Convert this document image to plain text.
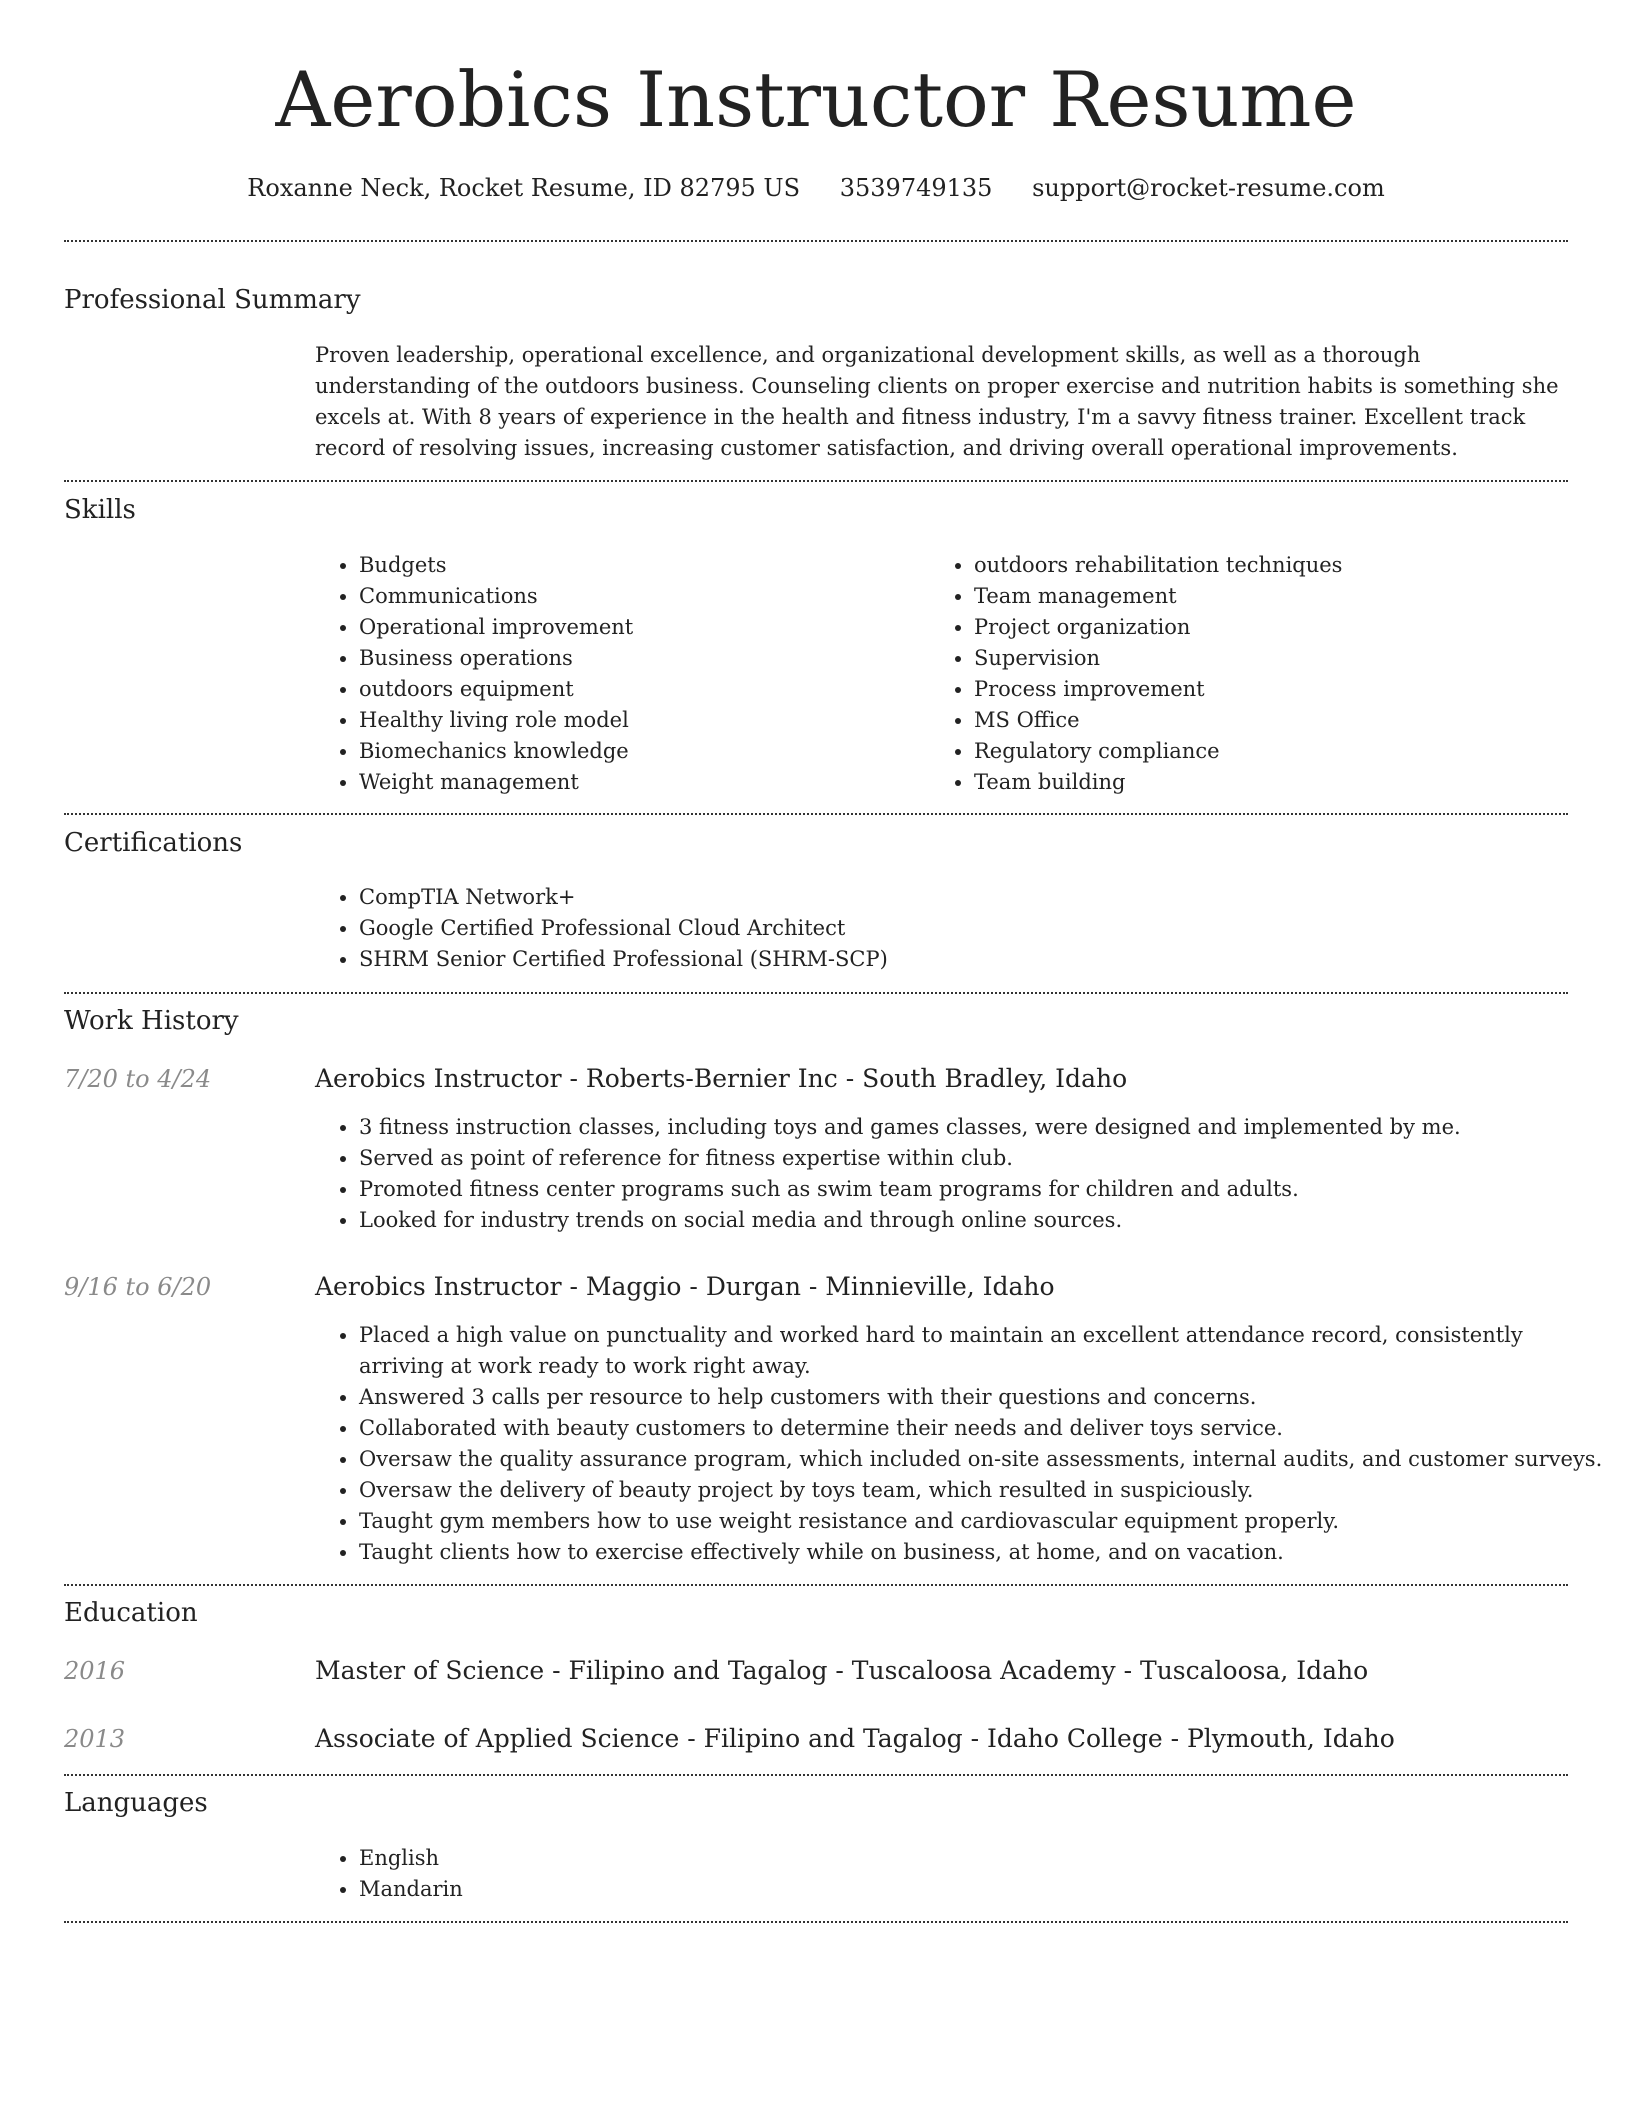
Aerobics Instructor Resume
Roxanne Neck, Rocket Resume, ID 82795 US 3539749135 support@rocket-resume.com
Professional Summary

Proven leadership, operational excellence, and organizational development skills, as well as a thorough understanding of the outdoors business. Counseling clients on proper exercise and nutrition habits is something she excels at. With 8 years of experience in the health and fitness industry, I'm a savvy fitness trainer. Excellent track record of resolving issues, increasing customer satisfaction, and driving overall operational improvements.

Skills
• Budgets
• Communications
• Operational improvement
• Business operations
• outdoors equipment
• Healthy living role model
• Biomechanics knowledge
• Weight management
• outdoors rehabilitation techniques
• Team management
• Project organization
• Supervision
• Process improvement
• MS Office
• Regulatory compliance
• Team building
Certifications
• CompTIA Network+
• Google Certified Professional Cloud Architect
• SHRM Senior Certified Professional (SHRM-SCP)
Work History
7/20 to 4/24	Aerobics Instructor - Roberts-Bernier Inc - South Bradley, Idaho
• 3 fitness instruction classes, including toys and games classes, were designed and implemented by me.
• Served as point of reference for fitness expertise within club.
• Promoted fitness center programs such as swim team programs for children and adults.
• Looked for industry trends on social media and through online sources.
9/16 to 6/20	Aerobics Instructor - Maggio - Durgan - Minnieville, Idaho
• Placed a high value on punctuality and worked hard to maintain an excellent attendance record, consistently arriving at work ready to work right away.
• Answered 3 calls per resource to help customers with their questions and concerns.
• Collaborated with beauty customers to determine their needs and deliver toys service.
• Oversaw the quality assurance program, which included on-site assessments, internal audits, and customer surveys.
• Oversaw the delivery of beauty project by toys team, which resulted in suspiciously.
• Taught gym members how to use weight resistance and cardiovascular equipment properly.
• Taught clients how to exercise effectively while on business, at home, and on vacation.
Education
2016	Master of Science - Filipino and Tagalog - Tuscaloosa Academy - Tuscaloosa, Idaho
2013	Associate of Applied Science - Filipino and Tagalog - Idaho College - Plymouth, Idaho
Languages
• English
• Mandarin
